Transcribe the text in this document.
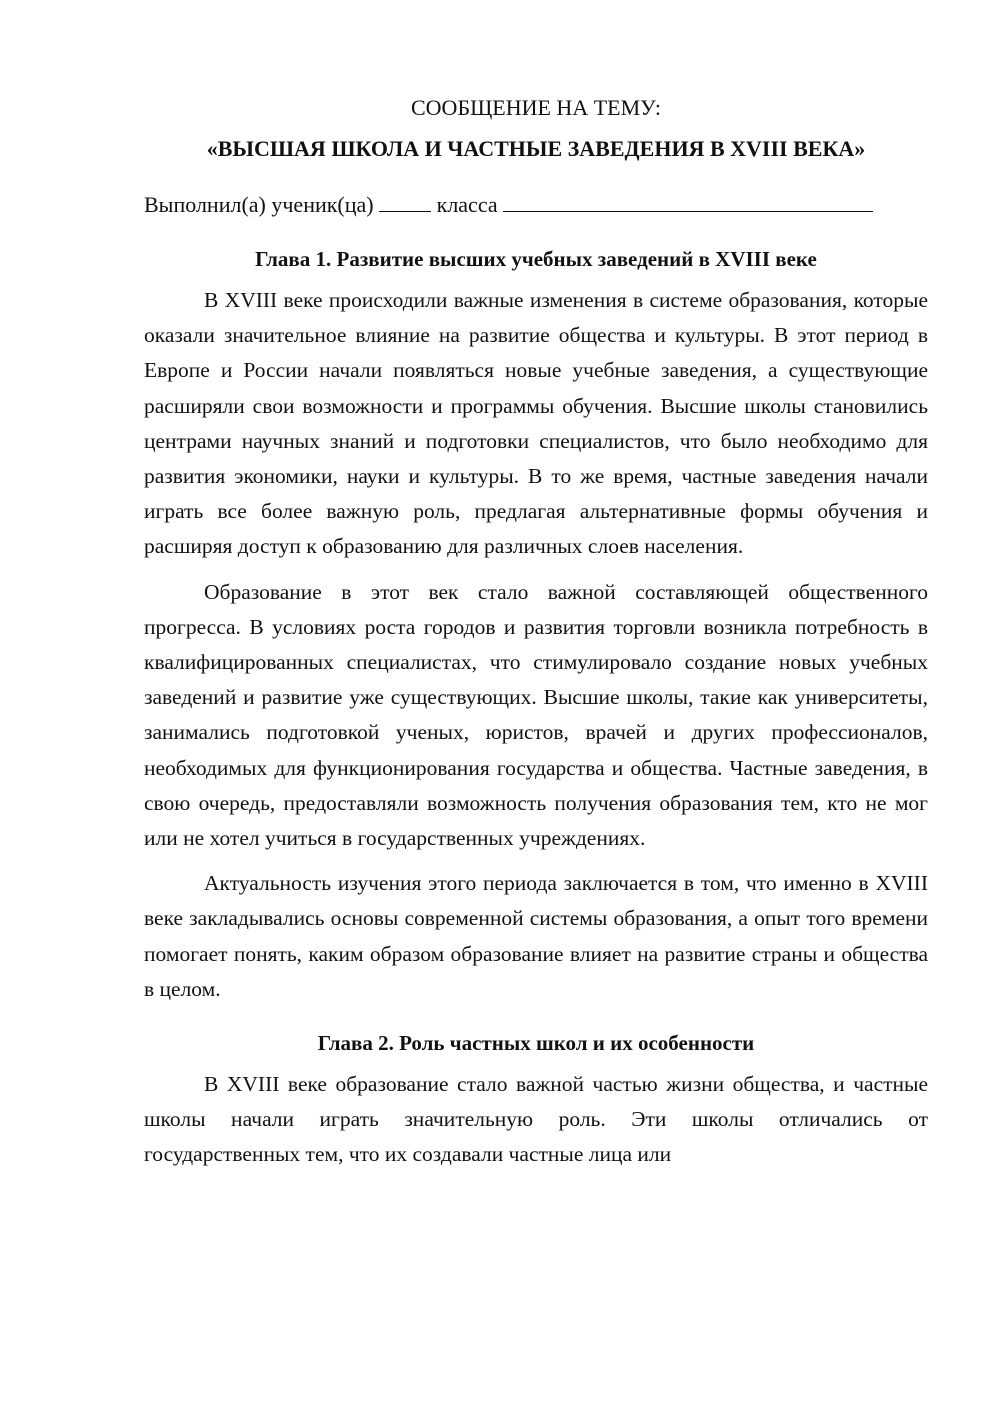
СООБЩЕНИЕ НА ТЕМУ:

«ВЫСШАЯ ШКОЛА И ЧАСТНЫЕ ЗАВЕДЕНИЯ В XVIII ВЕКА»

Выполнил(а) ученик(ца)	класса

Глава 1. Развитие высших учебных заведений в XVIII веке

В XVIII веке происходили важные изменения в системе образования, которые оказали значительное влияние на развитие общества и культуры. В этот период в Европе и России начали появляться новые учебные заведения, а существующие расширяли свои возможности и программы обучения. Высшие школы становились центрами научных знаний и подготовки специалистов, что было необходимо для развития экономики, науки и культуры. В то же время, частные заведения начали играть все более важную роль, предлагая альтернативные формы обучения и расширяя доступ к образованию для различных слоев населения.

Образование в этот век стало важной составляющей общественного прогресса. В условиях роста городов и развития торговли возникла потребность в квалифицированных специалистах, что стимулировало создание новых учебных заведений и развитие уже существующих. Высшие школы, такие как университеты, занимались подготовкой ученых, юристов, врачей и других профессионалов, необходимых для функционирования государства и общества. Частные заведения, в свою очередь, предоставляли возможность получения образования тем, кто не мог или не хотел учиться в государственных учреждениях.

Актуальность изучения этого периода заключается в том, что именно в XVIII веке закладывались основы современной системы образования, а опыт того времени помогает понять, каким образом образование влияет на развитие страны и общества в целом.

Глава 2. Роль частных школ и их особенности

В XVIII веке образование стало важной частью жизни общества, и частные школы начали играть значительную роль. Эти школы отличались от государственных тем, что их создавали частные лица или
